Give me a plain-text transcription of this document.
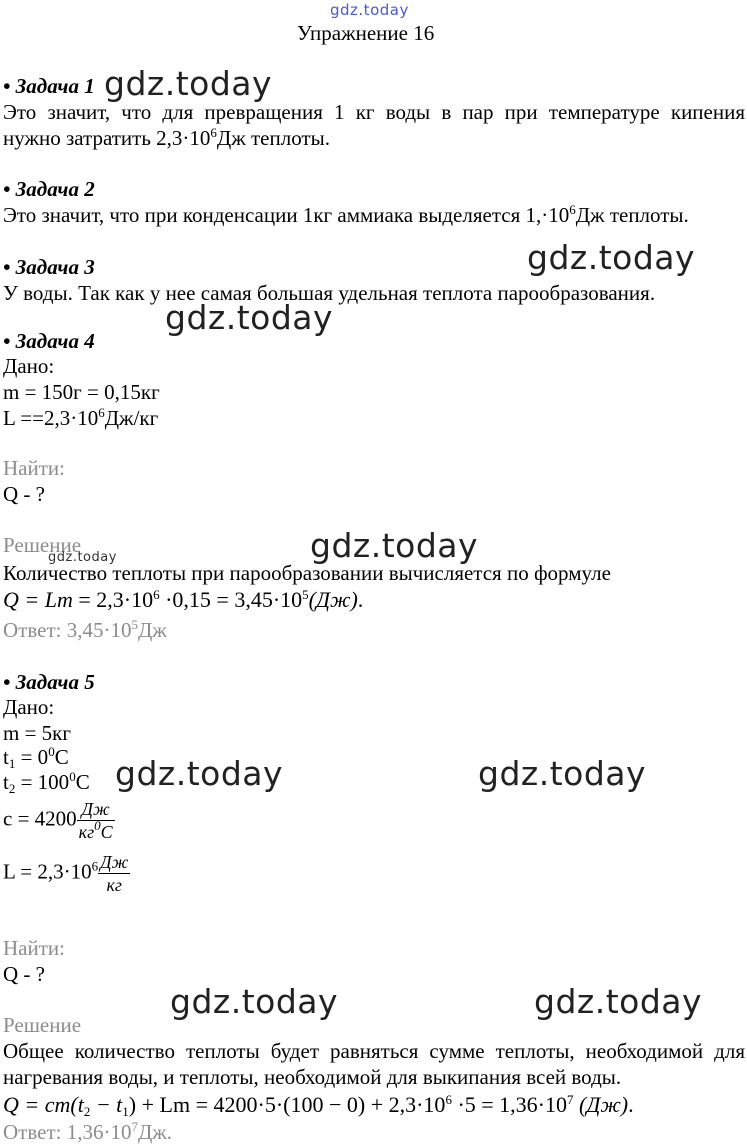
gdz.today
Упражнение 16
• Задача 1 gdz.today
Это значит, что для превращения 1 кг воды в пар при температуре кипения
нужно затратить $2,3\cdot 10^6Дж$ теплоты.
• Задача 2
Это значит, что при конденсации 1кг аммиака выделяется $1,\cdot 10^6Дж$ теплоты.
gdz.today
• Задача 3
У воды. Так как у нее самая большая удельная теплота парообразования.
gdz.today
• Задача 4
Дано:
m = 150г = 0,15кг
$L ==2,3\cdot 10^6Дж/кг$
Найти:
Q - ?
Решение	gdz.today
gdz.today
Количество теплоты при парообразовании вычисляется по формуле
$Q = Lm = 2,3\cdot 10^6 \cdot 0,15 = 3,45\cdot 10^5(Дж)$.
Ответ: $3,45\cdot 10^5Дж$
• Задача 5
Дано:
m = 5кг
$t_1 = 0^0C$
$t_2 = 100^0C$ gdz.today	gdz.today
$c = 4200 \frac{Дж}{кг^0C}$
$L = 2,3\cdot 10^6 \frac{Дж}{кг}$
Найти:
Q - ?
gdz.today	gdz.today
Решение
Общее количество теплоты будет равняться сумме теплоты, необходимой для
нагревания воды, и теплоты, необходимой для выкипания всей воды.
$Q = cm(t_2 - t_1) + Lm = 4200\cdot 5\cdot(100 - 0) + 2,3\cdot 10^6 \cdot 5 = 1,36\cdot 10^7$ (Дж).
Ответ: $1,36\cdot 10^7Дж$.
